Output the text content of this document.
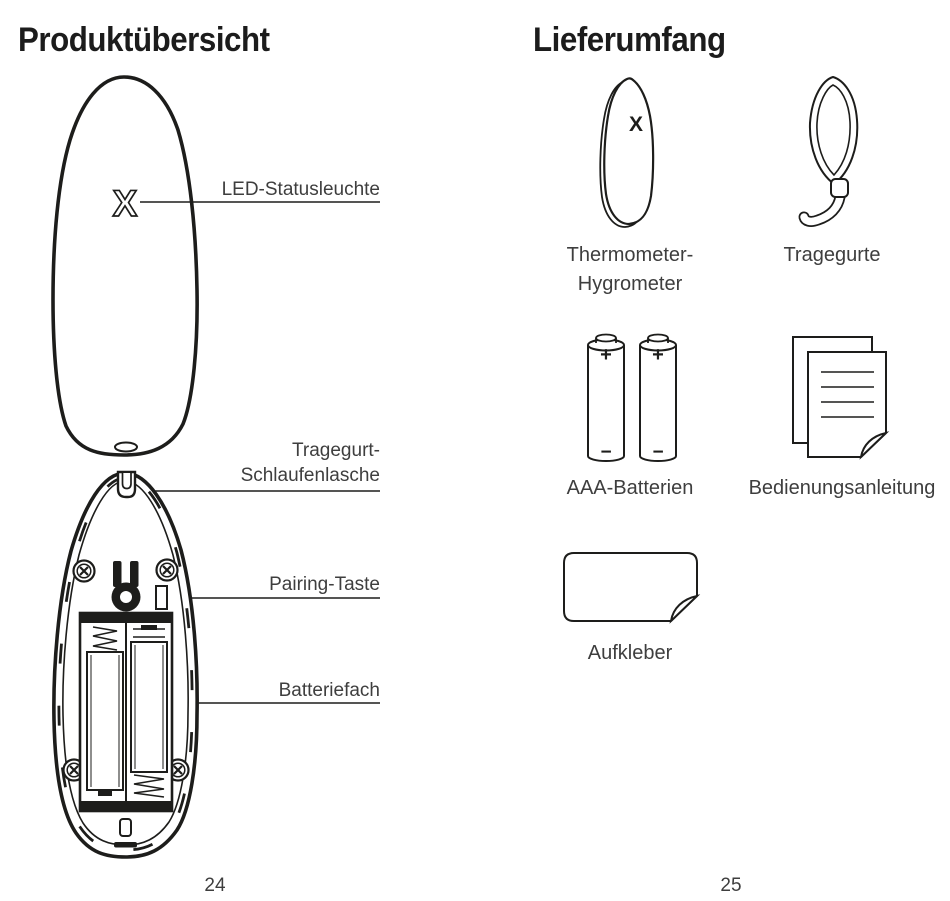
X
X
+
−
+
−
Produktübersicht	Lieferumfang
LED-Statusleuchte
Tragegurt-
Schlaufenlasche
Pairing-Taste
Batteriefach
Thermometer-
Hygrometer
Tragegurte
AAA-Batterien	Bedienungsanleitung
Aufkleber
24	25
